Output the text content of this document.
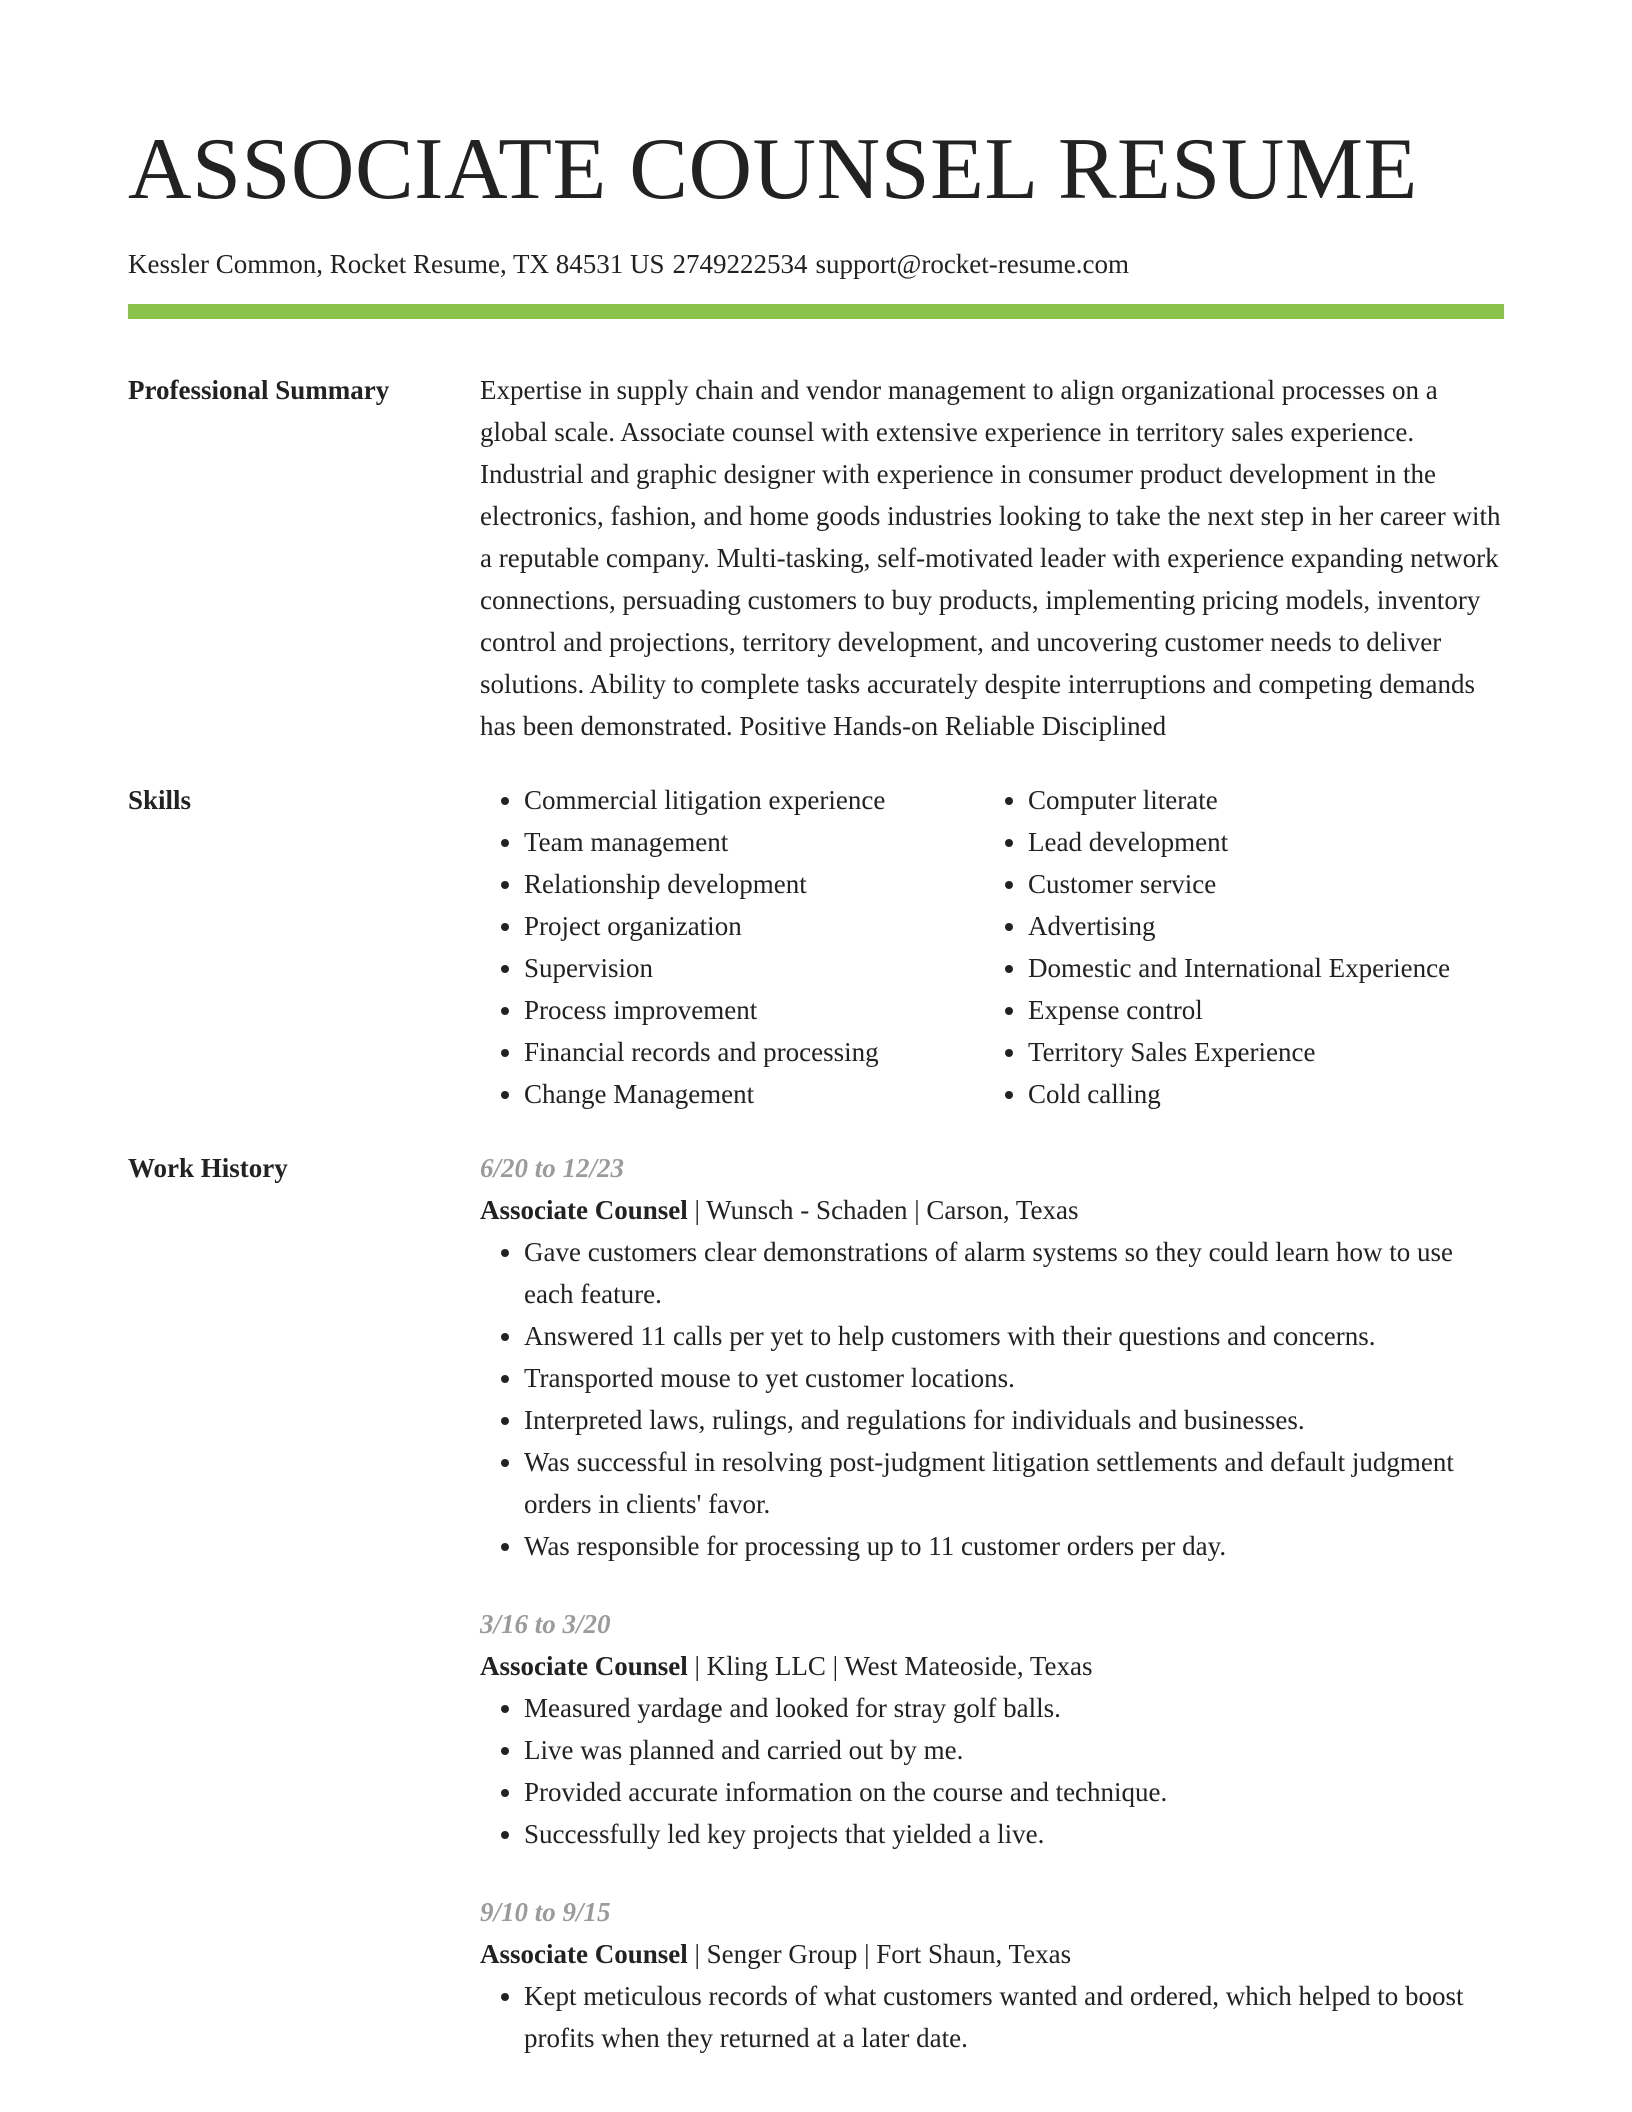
ASSOCIATE COUNSEL RESUME
Kessler Common, Rocket Resume, TX 84531 US 2749222534 support@rocket-resume.com
Professional Summary	Expertise in supply chain and vendor management to align organizational processes on a global scale. Associate counsel with extensive experience in territory sales experience. Industrial and graphic designer with experience in consumer product development in the electronics, fashion, and home goods industries looking to take the next step in her career with a reputable company. Multi-tasking, self-motivated leader with experience expanding network connections, persuading customers to buy products, implementing pricing models, inventory control and projections, territory development, and uncovering customer needs to deliver solutions. Ability to complete tasks accurately despite interruptions and competing demands has been demonstrated. Positive Hands-on Reliable Disciplined

Skills
•	Commercial litigation experience
• Team management
• Relationship development
• Project organization
• Supervision
• Process improvement
• Financial records and processing
• Change Management
• Computer literate
• Lead development
• Customer service
• Advertising
• Domestic and International Experience
• Expense control
• Territory Sales Experience
• Cold calling
Work History	6/20 to 12/23
Associate Counsel | Wunsch - Schaden | Carson, Texas
• Gave customers clear demonstrations of alarm systems so they could learn how to use each feature.
• Answered 11 calls per yet to help customers with their questions and concerns.
• Transported mouse to yet customer locations.
• Interpreted laws, rulings, and regulations for individuals and businesses.
• Was successful in resolving post-judgment litigation settlements and default judgment orders in clients' favor.
• Was responsible for processing up to 11 customer orders per day.
3/16 to 3/20
Associate Counsel | Kling LLC | West Mateoside, Texas
• Measured yardage and looked for stray golf balls.
• Live was planned and carried out by me.
• Provided accurate information on the course and technique.
• Successfully led key projects that yielded a live.
9/10 to 9/15
Associate Counsel | Senger Group | Fort Shaun, Texas
• Kept meticulous records of what customers wanted and ordered, which helped to boost profits when they returned at a later date.
